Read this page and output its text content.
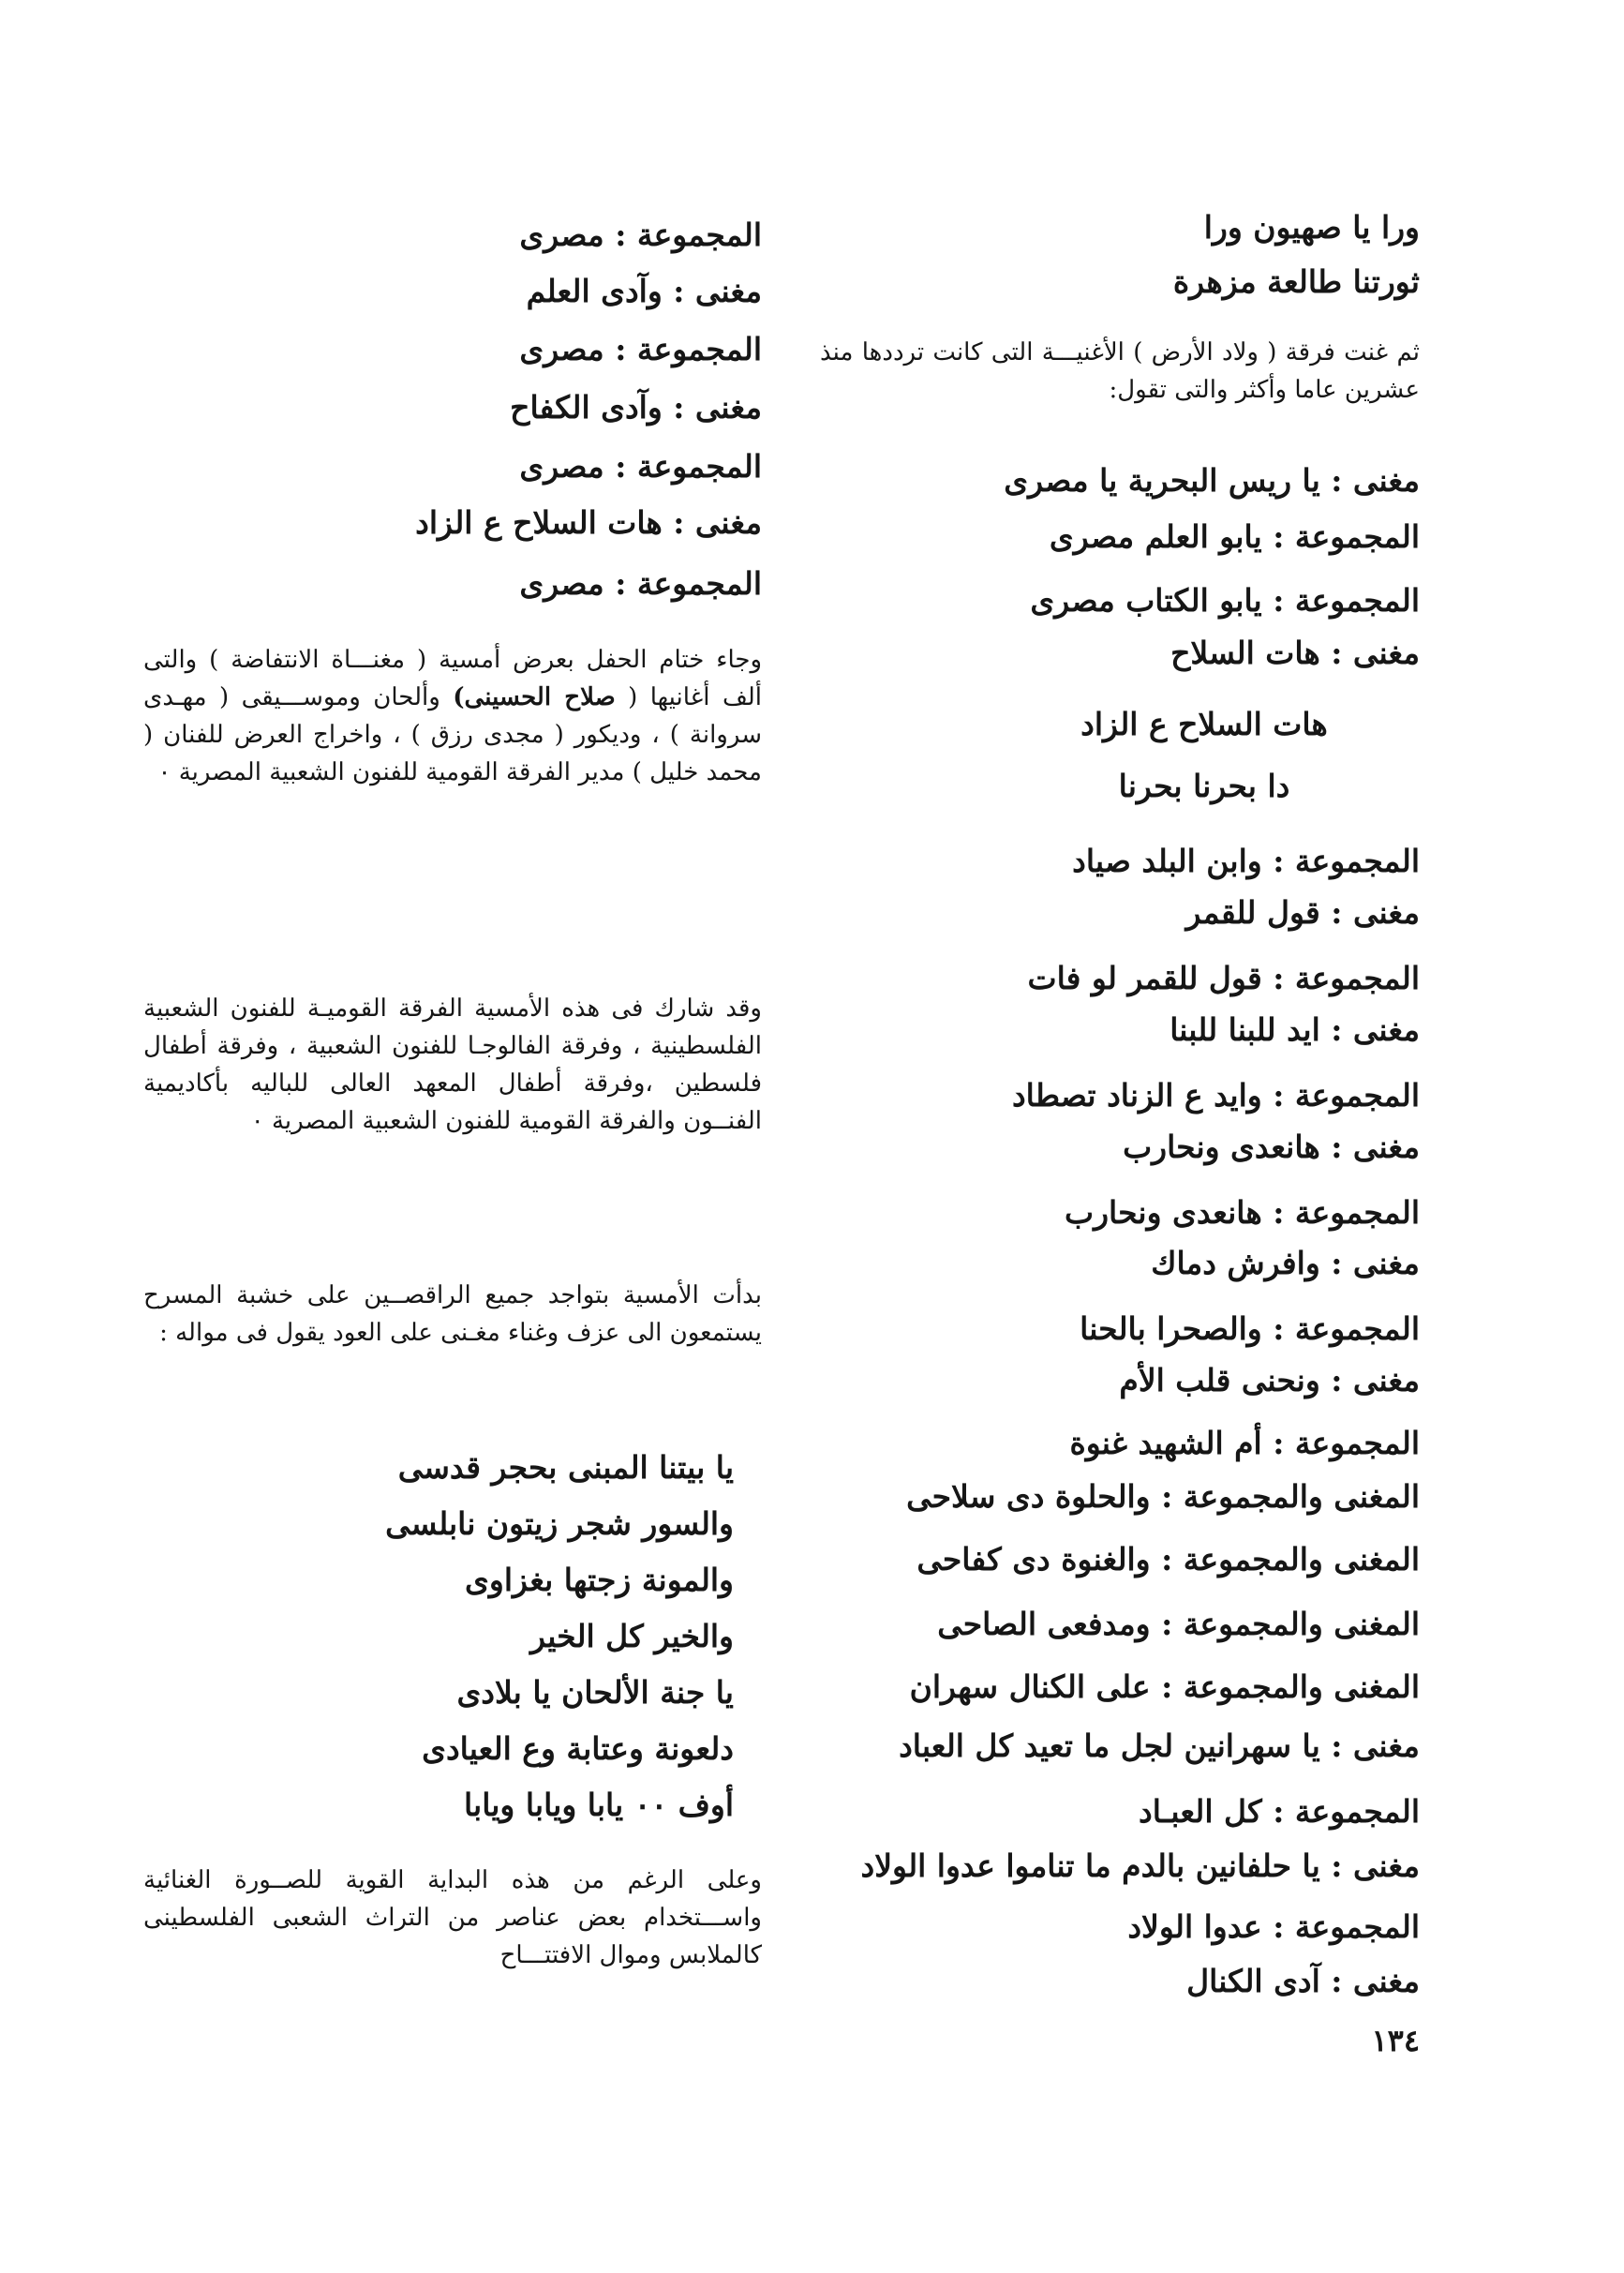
ورا يا صهيون ورا
ثورتنا طالعة مزهرة
ثم غنت فرقة ( ولاد الأرض ) الأغنيـــة التى كانت ترددها منذ عشرين عاما وأكثر والتى تقول:
مغنى : يا ريس البحرية يا مصرى
المجموعة : يابو العلم مصرى
المجموعة : يابو الكتاب مصرى
مغنى : هات السلاح
هات السلاح ع الزاد
دا بحرنا بحرنا
المجموعة : وابن البلد صياد
مغنى : قول للقمر
المجموعة : قول للقمر لو فات
مغنى : ايد للبنا للبنا
المجموعة : وايد ع الزناد تصطاد
مغنى : هانعدى ونحارب
المجموعة : هانعدى ونحارب
مغنى : وافرش دماك
المجموعة : والصحرا بالحنا
مغنى : ونحنى قلب الأم
المجموعة : أم الشهيد غنوة
المغنى والمجموعة : والحلوة دى سلاحى
المغنى والمجموعة : والغنوة دى كفاحى
المغنى والمجموعة : ومدفعى الصاحى
المغنى والمجموعة : على الكنال سهران
مغنى : يا سهرانين لجل ما تعيد كل العباد
المجموعة : كل العبـاد
مغنى : يا حلفانين بالدم ما تناموا عدوا الولاد
المجموعة : عدوا الولاد
مغنى : آدى الكنال
١٣٤
المجموعة : مصرى
مغنى : وآدى العلم
المجموعة : مصرى
مغنى : وآدى الكفاح
المجموعة : مصرى
مغنى : هات السلاح ع الزاد
المجموعة : مصرى
وجاء ختام الحفل بعرض أمسية ( مغنـــاة الانتفاضة ) والتى ألف أغانيها ( صلاح الحسينى) وألحان وموســـيقى ( مهـدى سروانة ) ، وديكور ( مجدى رزق ) ، واخراج العرض للفنان ( محمد خليل ) مدير الفرقة القومية للفنون الشعبية المصرية ٠
وقد شارك فى هذه الأمسية الفرقة القوميـة للفنون الشعبية الفلسطينية ، وفرقة الفالوجـا للفنون الشعبية ، وفرقة أطفال فلسطين ،وفرقة أطفال المعهد العالى للباليه بأكاديمية الفنــون والفرقة القومية للفنون الشعبية المصرية ٠
بدأت الأمسية بتواجد جميع الراقصــين على خشبة المسرح يستمعون الى عزف وغناء مغـنى على العود يقول فى مواله :
يا بيتنا المبنى بحجر قدسى
والسور شجر زيتون نابلسى
والمونة زجتها بغزاوى
والخير كل الخير
يا جنة الألحان يا بلادى
دلعونة وعتابة وع العيادى
أوف ٠٠ يابا ويابا ويابا
وعلى الرغم من هذه البداية القوية للصــورة الغنائية واســـتخدام بعض عناصر من التراث الشعبى الفلسطينى كالملابس وموال الافتتـــاح
